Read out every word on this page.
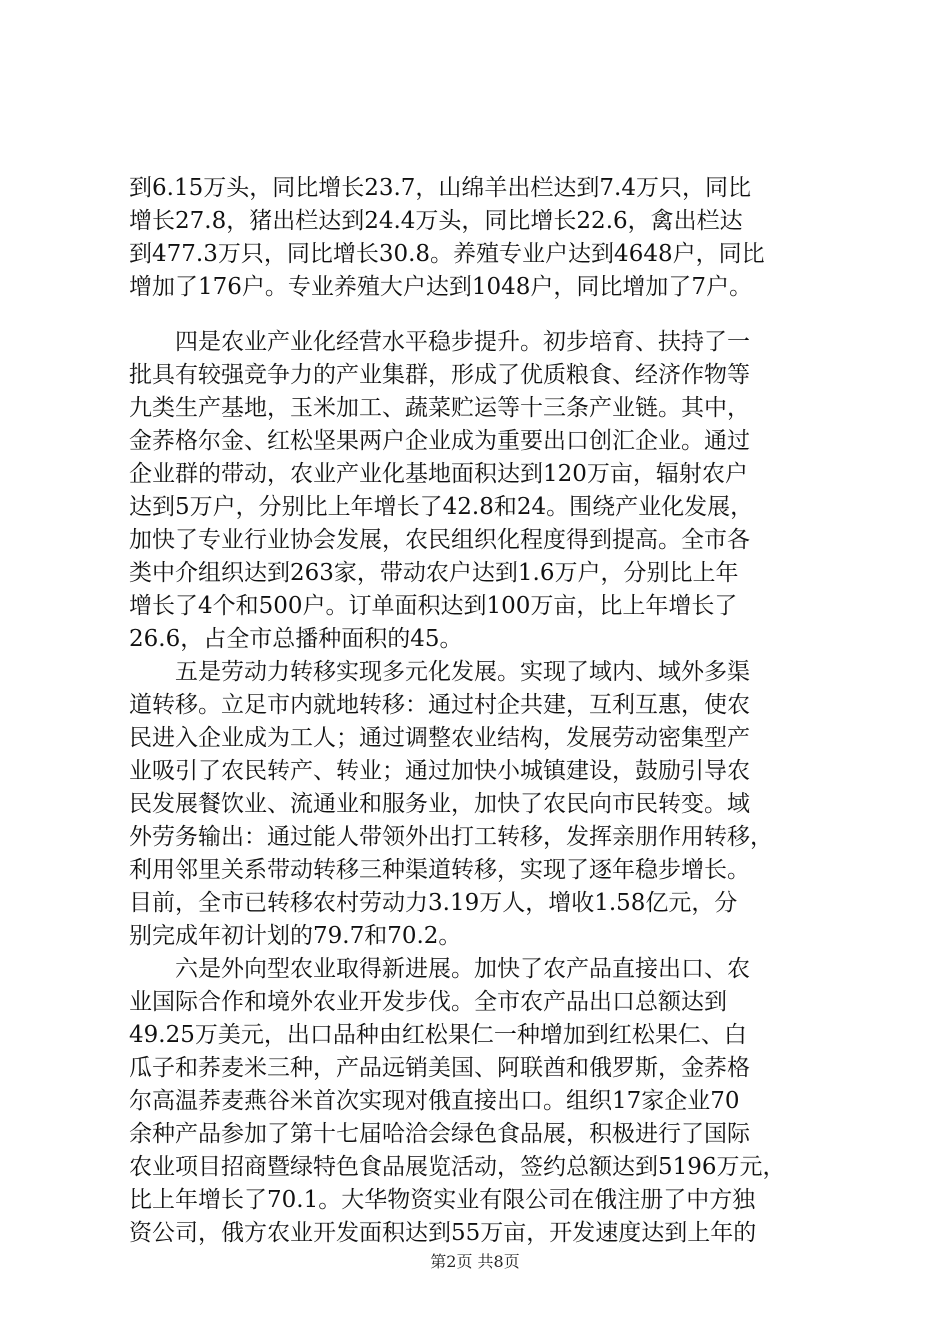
到6.15万头，同比增长23.7，山绵羊出栏达到7.4万只，同比
增长27.8，猪出栏达到24.4万头，同比增长22.6，禽出栏达
到477.3万只，同比增长30.8。养殖专业户达到4648户，同比
增加了176户。专业养殖大户达到1048户，同比增加了7户。

　　四是农业产业化经营水平稳步提升。初步培育、扶持了一
批具有较强竞争力的产业集群，形成了优质粮食、经济作物等
九类生产基地，玉米加工、蔬菜贮运等十三条产业链。其中，
金荞格尔金、红松坚果两户企业成为重要出口创汇企业。通过
企业群的带动，农业产业化基地面积达到120万亩，辐射农户
达到5万户，分别比上年增长了42.8和24。围绕产业化发展，
加快了专业行业协会发展，农民组织化程度得到提高。全市各
类中介组织达到263家，带动农户达到1.6万户，分别比上年
增长了4个和500户。订单面积达到100万亩，比上年增长了
26.6，占全市总播种面积的45。

　　五是劳动力转移实现多元化发展。实现了域内、域外多渠
道转移。立足市内就地转移：通过村企共建，互利互惠，使农
民进入企业成为工人；通过调整农业结构，发展劳动密集型产
业吸引了农民转产、转业；通过加快小城镇建设，鼓励引导农
民发展餐饮业、流通业和服务业，加快了农民向市民转变。域
外劳务输出：通过能人带领外出打工转移，发挥亲朋作用转移，
利用邻里关系带动转移三种渠道转移，实现了逐年稳步增长。
目前，全市已转移农村劳动力3.19万人，增收1.58亿元，分
别完成年初计划的79.7和70.2。

　　六是外向型农业取得新进展。加快了农产品直接出口、农
业国际合作和境外农业开发步伐。全市农产品出口总额达到
49.25万美元，出口品种由红松果仁一种增加到红松果仁、白
瓜子和荞麦米三种，产品远销美国、阿联酋和俄罗斯，金荞格
尔高温荞麦燕谷米首次实现对俄直接出口。组织17家企业70
余种产品参加了第十七届哈洽会绿色食品展，积极进行了国际
农业项目招商暨绿特色食品展览活动，签约总额达到5196万元，
比上年增长了70.1。大华物资实业有限公司在俄注册了中方独
资公司，俄方农业开发面积达到55万亩，开发速度达到上年的

第2页 共8页
